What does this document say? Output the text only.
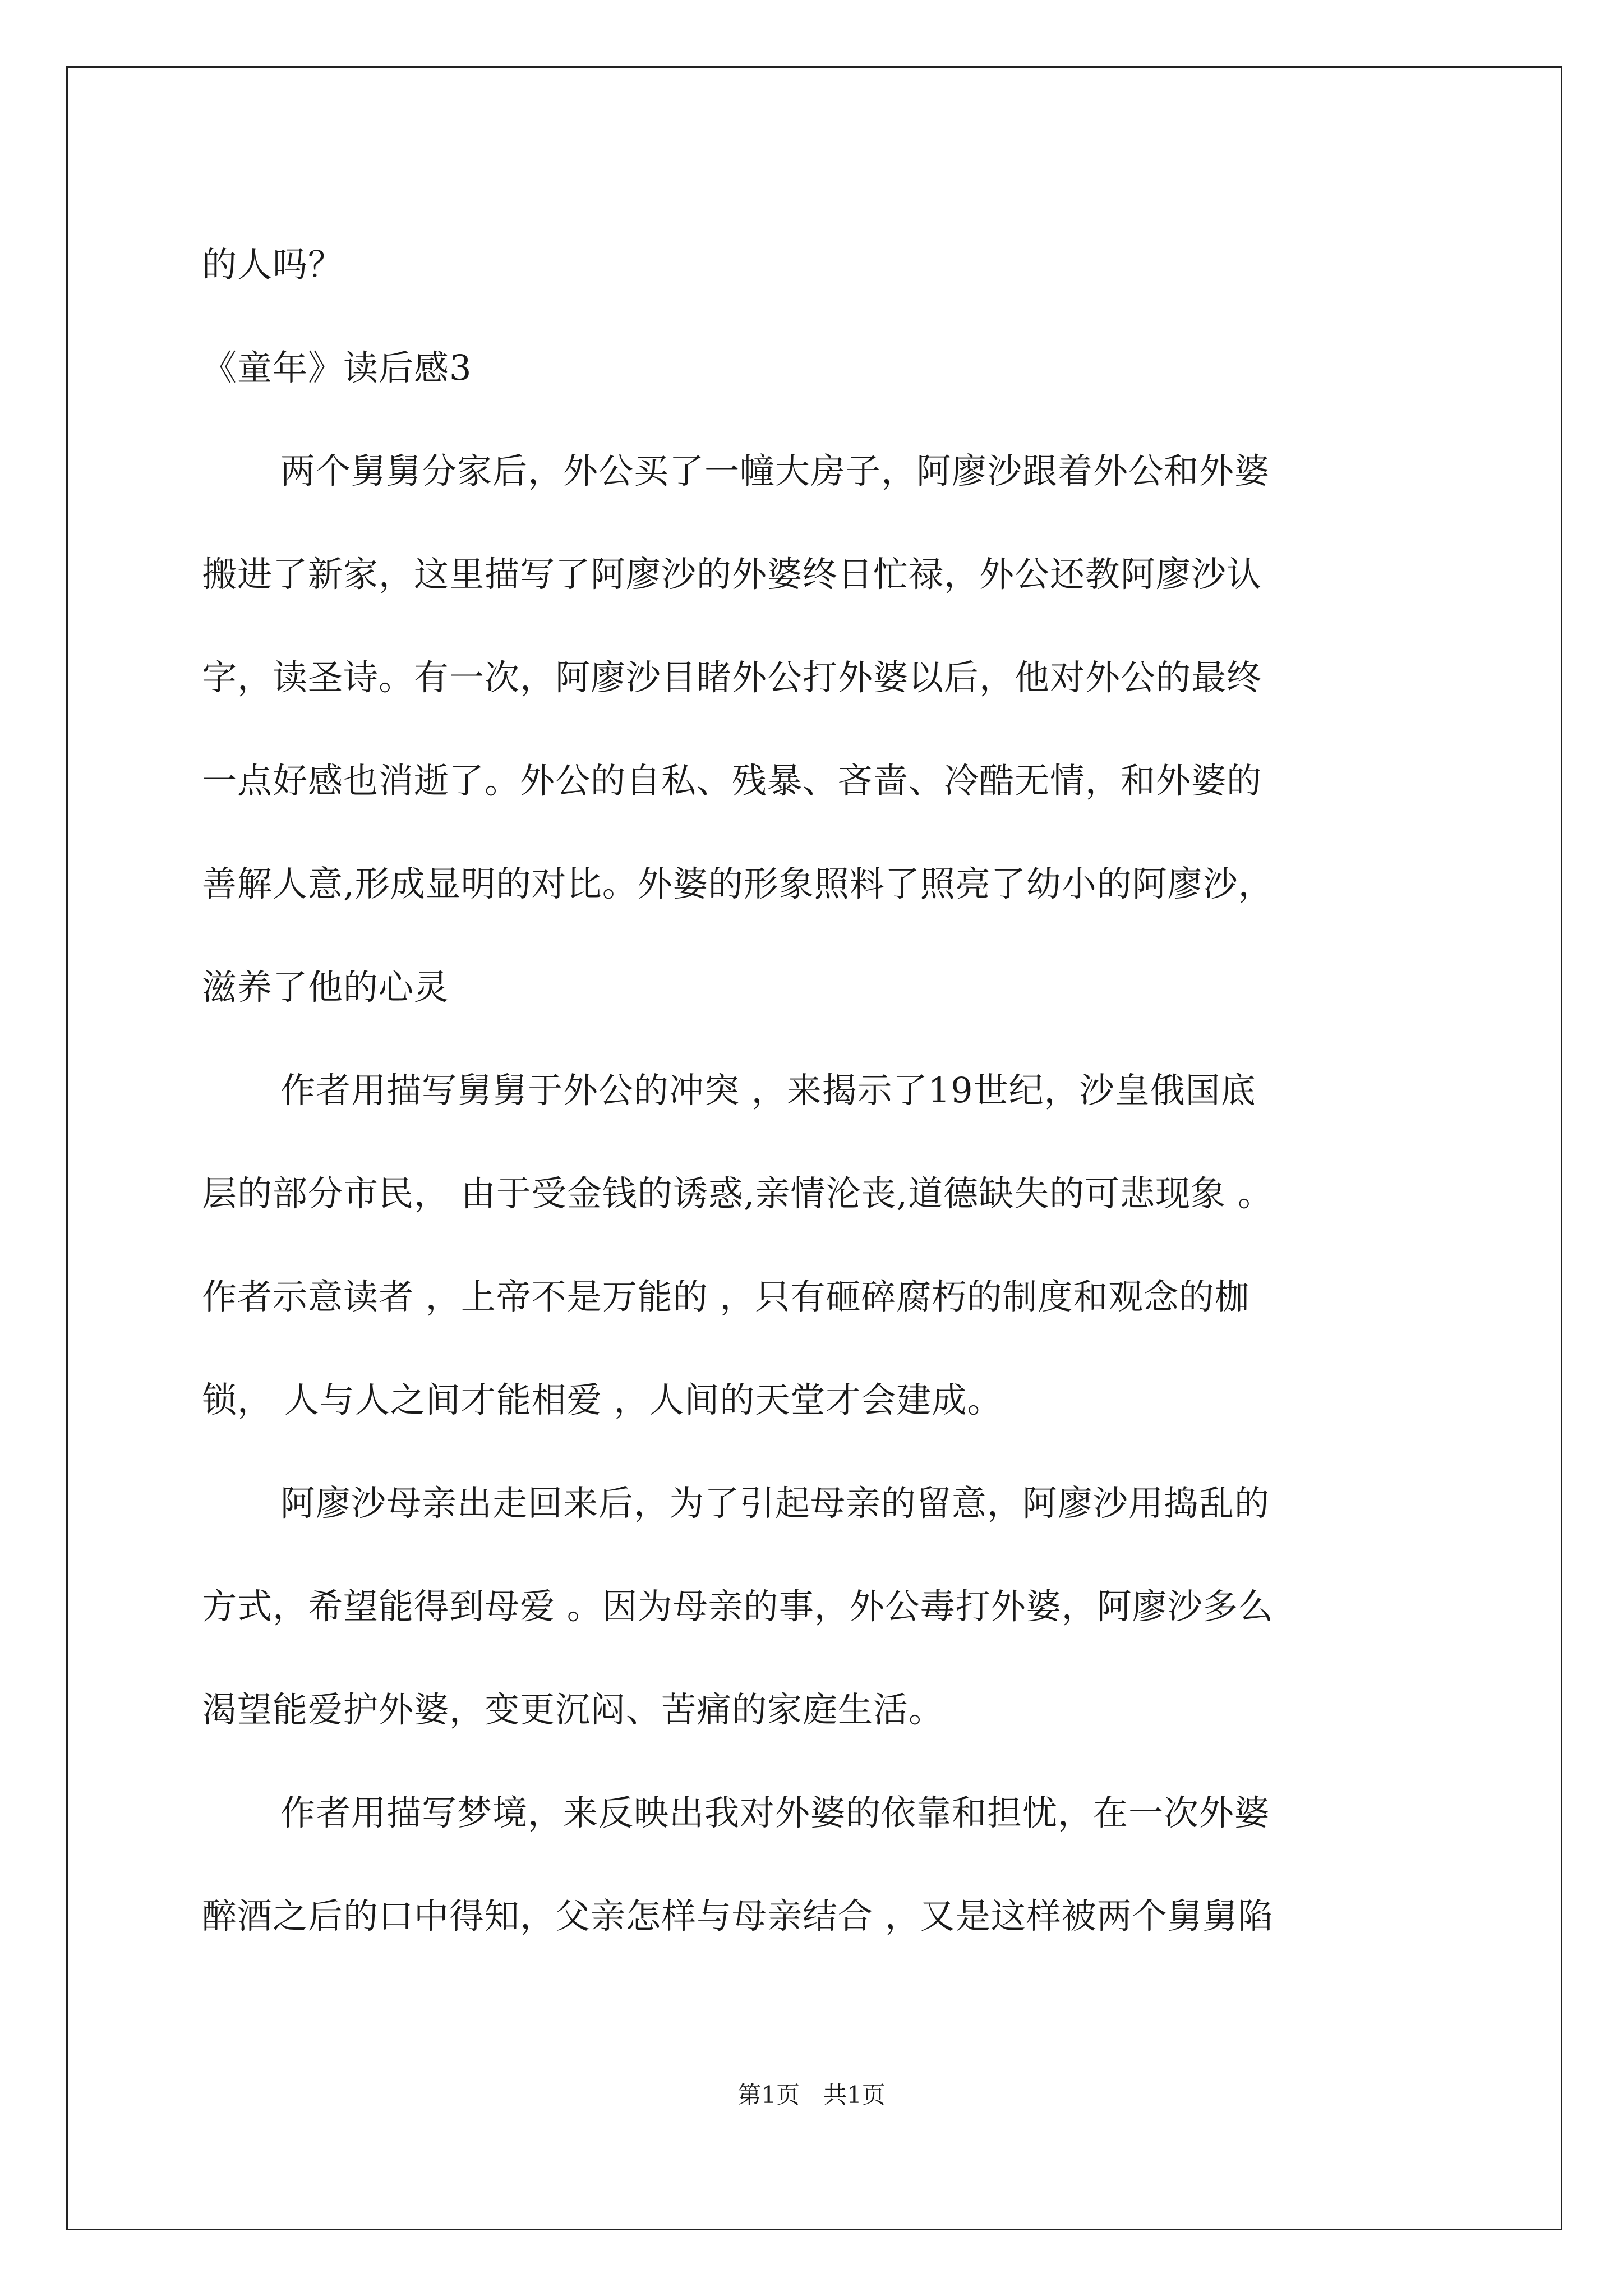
的人吗？

《童年》读后感3

两个舅舅分家后，外公买了一幢大房子，阿廖沙跟着外公和外婆

搬进了新家，这里描写了阿廖沙的外婆终日忙禄，外公还教阿廖沙认

字，读圣诗。有一次，阿廖沙目睹外公打外婆以后，他对外公的最终

一点好感也消逝了。外公的自私、残暴、吝啬、冷酷无情，和外婆的

善解人意,形成显明的对比。外婆的形象照料了照亮了幼小的阿廖沙，

滋养了他的心灵

作者用描写舅舅于外公的冲突 ，来揭示了19世纪，沙皇俄国底

层的部分市民， 由于受金钱的诱惑,亲情沦丧,道德缺失的可悲现象 。

作者示意读者 ，上帝不是万能的 ，只有砸碎腐朽的制度和观念的枷

锁， 人与人之间才能相爱 ，人间的天堂才会建成。

阿廖沙母亲出走回来后，为了引起母亲的留意，阿廖沙用捣乱的

方式，希望能得到母爱 。因为母亲的事，外公毒打外婆，阿廖沙多么

渴望能爱护外婆，变更沉闷、苦痛的家庭生活。

作者用描写梦境，来反映出我对外婆的依靠和担忧，在一次外婆

醉酒之后的口中得知，父亲怎样与母亲结合 ，又是这样被两个舅舅陷

第1页　共1页
